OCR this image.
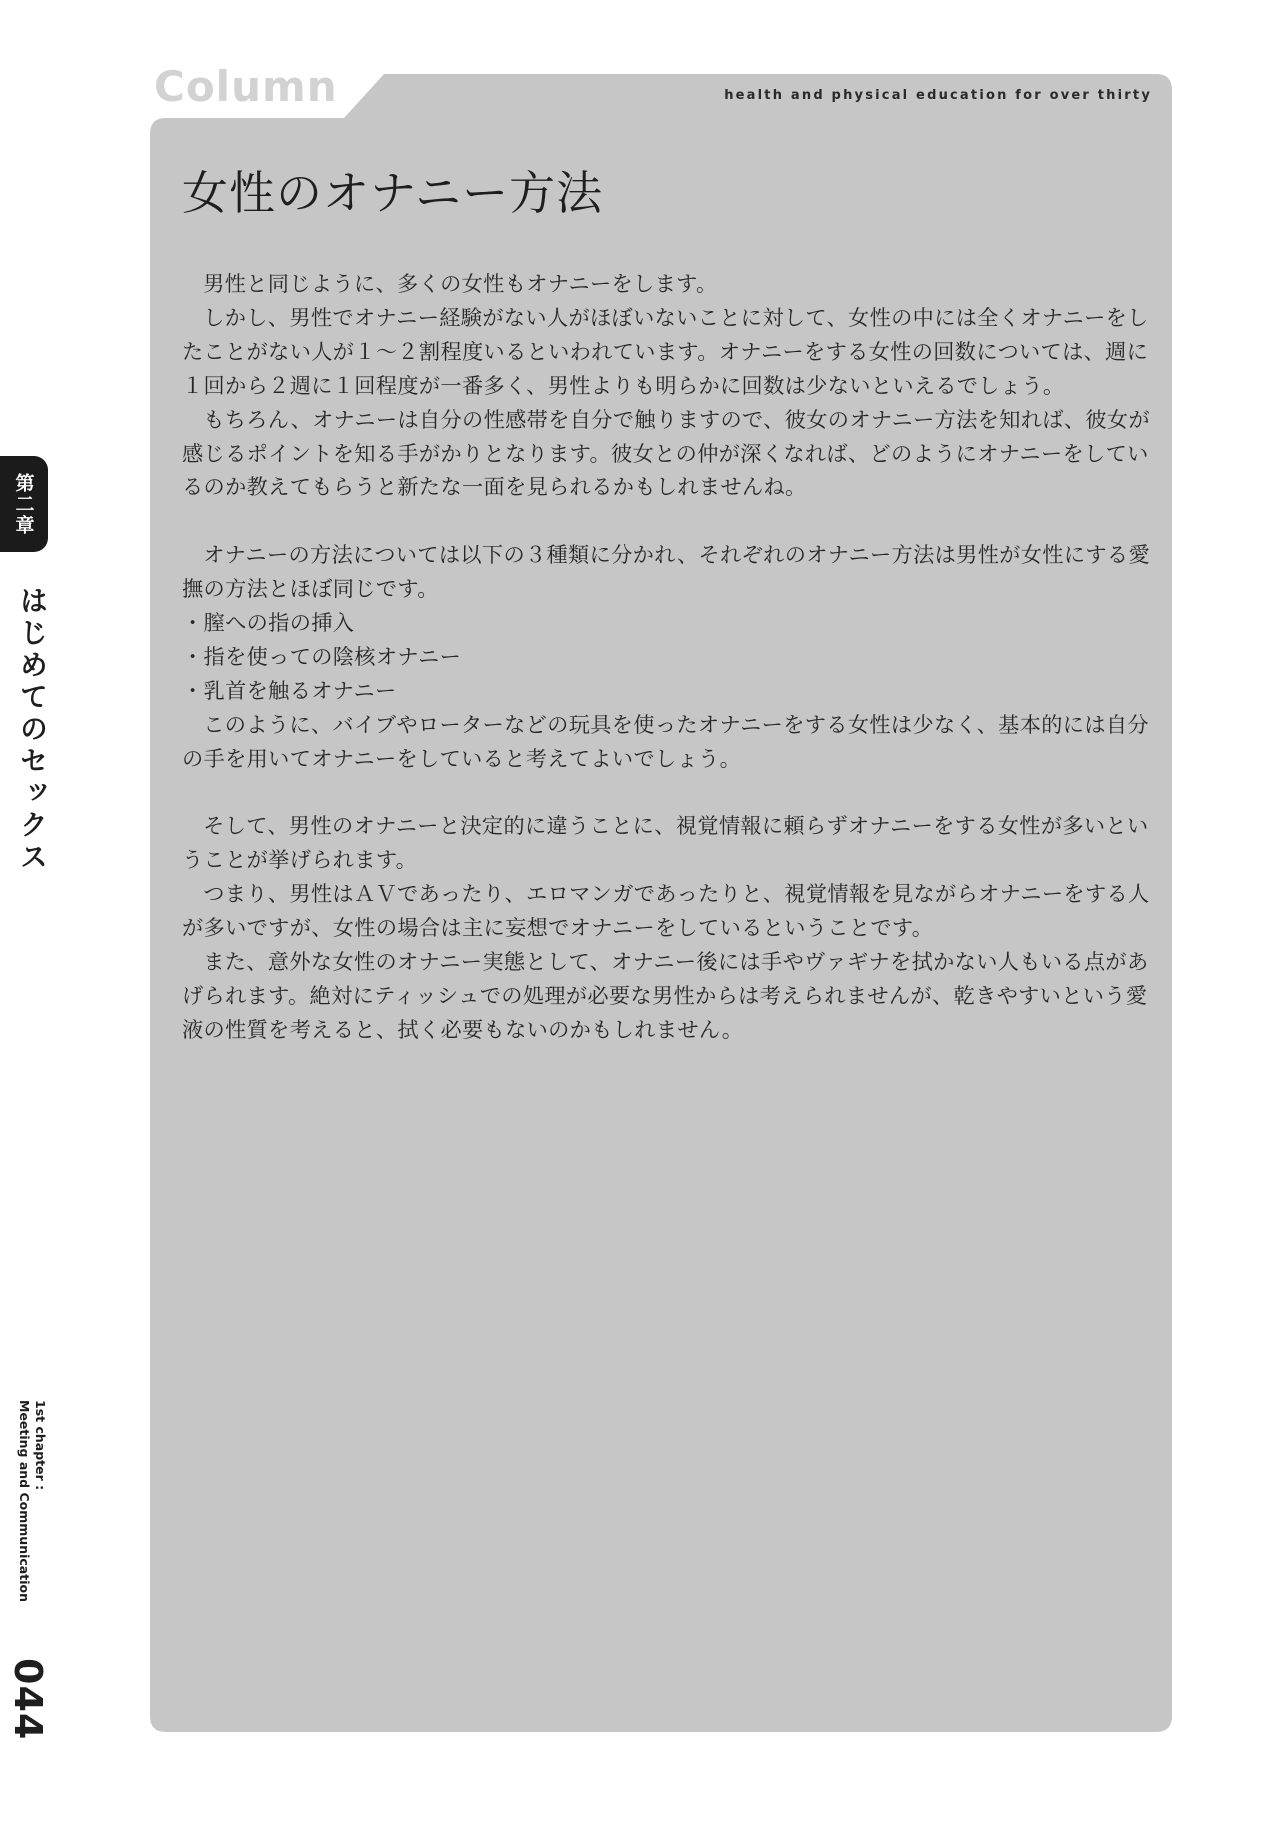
Column	health and physical education for over thirty
女性のオナニー方法

男性と同じように、多くの女性もオナニーをします。

しかし、男性でオナニー経験がない人がほぼいないことに対して、女性の中には全くオナニーをしたことがない人が１～２割程度いるといわれています。オナニーをする女性の回数については、週に１回から２週に１回程度が一番多く、男性よりも明らかに回数は少ないといえるでしょう。

もちろん、オナニーは自分の性感帯を自分で触りますので、彼女のオナニー方法を知れば、彼女が感じるポイントを知る手がかりとなります。彼女との仲が深くなれば、どのようにオナニーをしているのか教えてもらうと新たな一面を見られるかもしれませんね。

オナニーの方法については以下の３種類に分かれ、それぞれのオナニー方法は男性が女性にする愛撫の方法とほぼ同じです。

・膣への指の挿入

・指を使っての陰核オナニー

・乳首を触るオナニー

このように、バイブやローターなどの玩具を使ったオナニーをする女性は少なく、基本的には自分の手を用いてオナニーをしていると考えてよいでしょう。

そして、男性のオナニーと決定的に違うことに、視覚情報に頼らずオナニーをする女性が多いということが挙げられます。

つまり、男性はＡＶであったり、エロマンガであったりと、視覚情報を見ながらオナニーをする人が多いですが、女性の場合は主に妄想でオナニーをしているということです。

また、意外な女性のオナニー実態として、オナニー後には手やヴァギナを拭かない人もいる点があげられます。絶対にティッシュでの処理が必要な男性からは考えられませんが、乾きやすいという愛液の性質を考えると、拭く必要もないのかもしれません。

第二章
はじめてのセックス
1st chapter :
Meeting and Communication
044
